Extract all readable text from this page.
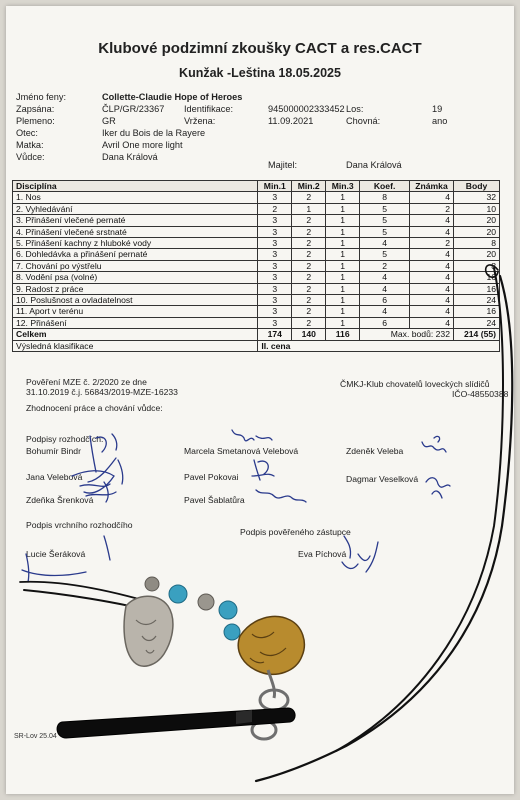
Klubové podzimní zkoušky CACT a res.CACT
Kunžak -Leština 18.05.2025
Jméno feny:	Collette-Claudie Hope of Heroes
Zapsána:	ČLP/GR/23367 Identifikace:	945000002333452 Los:	19
Plemeno:	GR	Vržena:	11.09.2021	Chovná:	ano
Otec:	Iker du Bois de la Rayere
Matka:	Avril One more light
Vůdce:	Dana Králová
Majitel:	Dana Králová
Disciplína	Min.1	Min.2	Min.3	Koef.	Známka	Body
1. Nos	3	2	1	8	4	32
2. Vyhledávání	2	1	1	5	2	10
3. Přinášení vlečené pernaté	3	2	1	5	4	20
4. Přinášení vlečené srstnaté	3	2	1	5	4	20
5. Přinášení kachny z hluboké vody	3	2	1	4	2	8
6. Dohledávka a přinášení pernaté	3	2	1	5	4	20
7. Chování po výstřelu	3	2	1	2	4	8
8. Vodění psa (volné)	3	2	1	4	4	16
9. Radost z práce	3	2	1	4	4	16
10. Poslušnost a ovladatelnost	3	2	1	6	4	24
11. Aport v terénu	3	2	1	4	4	16
12. Přinášení	3	2	1	6	4	24
Celkem	174	140	116	Max. bodů: 232		214 (55)
Výsledná klasifikace	II. cena					
Pověření MZE č. 2/2020 ze dne
31.10.2019 č.j. 56843/2019-MZE-16233
ČMKJ-Klub chovatelů loveckých slídičů
IČO-48550388
Zhodnocení práce a chování vůdce:
Podpisy rozhodčích:
Bohumír Bindr	Marcela Smetanová Velebová	Zdeněk Veleba
Jana Velebová	Pavel Pokovai	Dagmar Veselková
Zdeňka Šrenková	Pavel Šablatůra
Podpis vrchního rozhodčího
Podpis pověřeného zástupce
Lucie Šeráková	Eva Píchová
SR-Lov 25.04
